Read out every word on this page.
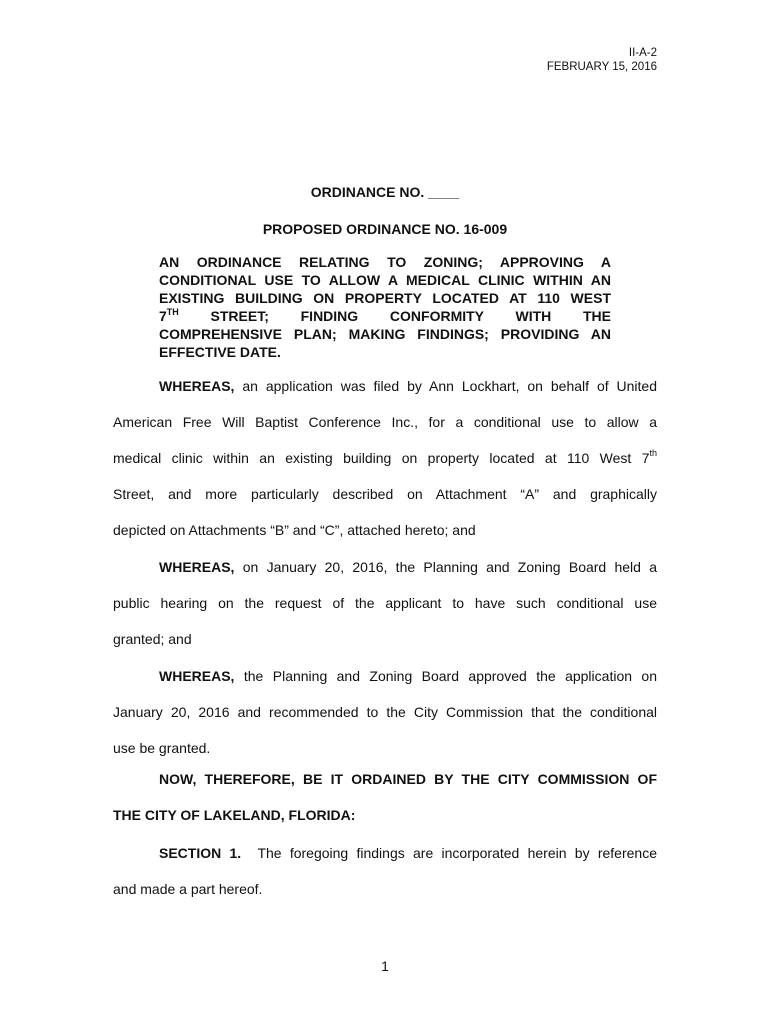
II-A-2
FEBRUARY 15, 2016
ORDINANCE NO. ____
PROPOSED ORDINANCE NO. 16-009
AN ORDINANCE RELATING TO ZONING; APPROVING A
CONDITIONAL USE TO ALLOW A MEDICAL CLINIC WITHIN AN
EXISTING BUILDING ON PROPERTY LOCATED AT 110 WEST
7TH STREET; FINDING CONFORMITY WITH THE
COMPREHENSIVE PLAN; MAKING FINDINGS; PROVIDING AN
EFFECTIVE DATE.
WHEREAS, an application was filed by Ann Lockhart, on behalf of United
American Free Will Baptist Conference Inc., for a conditional use to allow a
medical clinic within an existing building on property located at 110 West 7th
Street, and more particularly described on Attachment “A” and graphically
depicted on Attachments “B” and “C”, attached hereto; and
WHEREAS, on January 20, 2016, the Planning and Zoning Board held a
public hearing on the request of the applicant to have such conditional use
granted; and
WHEREAS, the Planning and Zoning Board approved the application on
January 20, 2016 and recommended to the City Commission that the conditional
use be granted.
NOW, THEREFORE, BE IT ORDAINED BY THE CITY COMMISSION OF
THE CITY OF LAKELAND, FLORIDA:
SECTION 1. The foregoing findings are incorporated herein by reference
and made a part hereof.
1
